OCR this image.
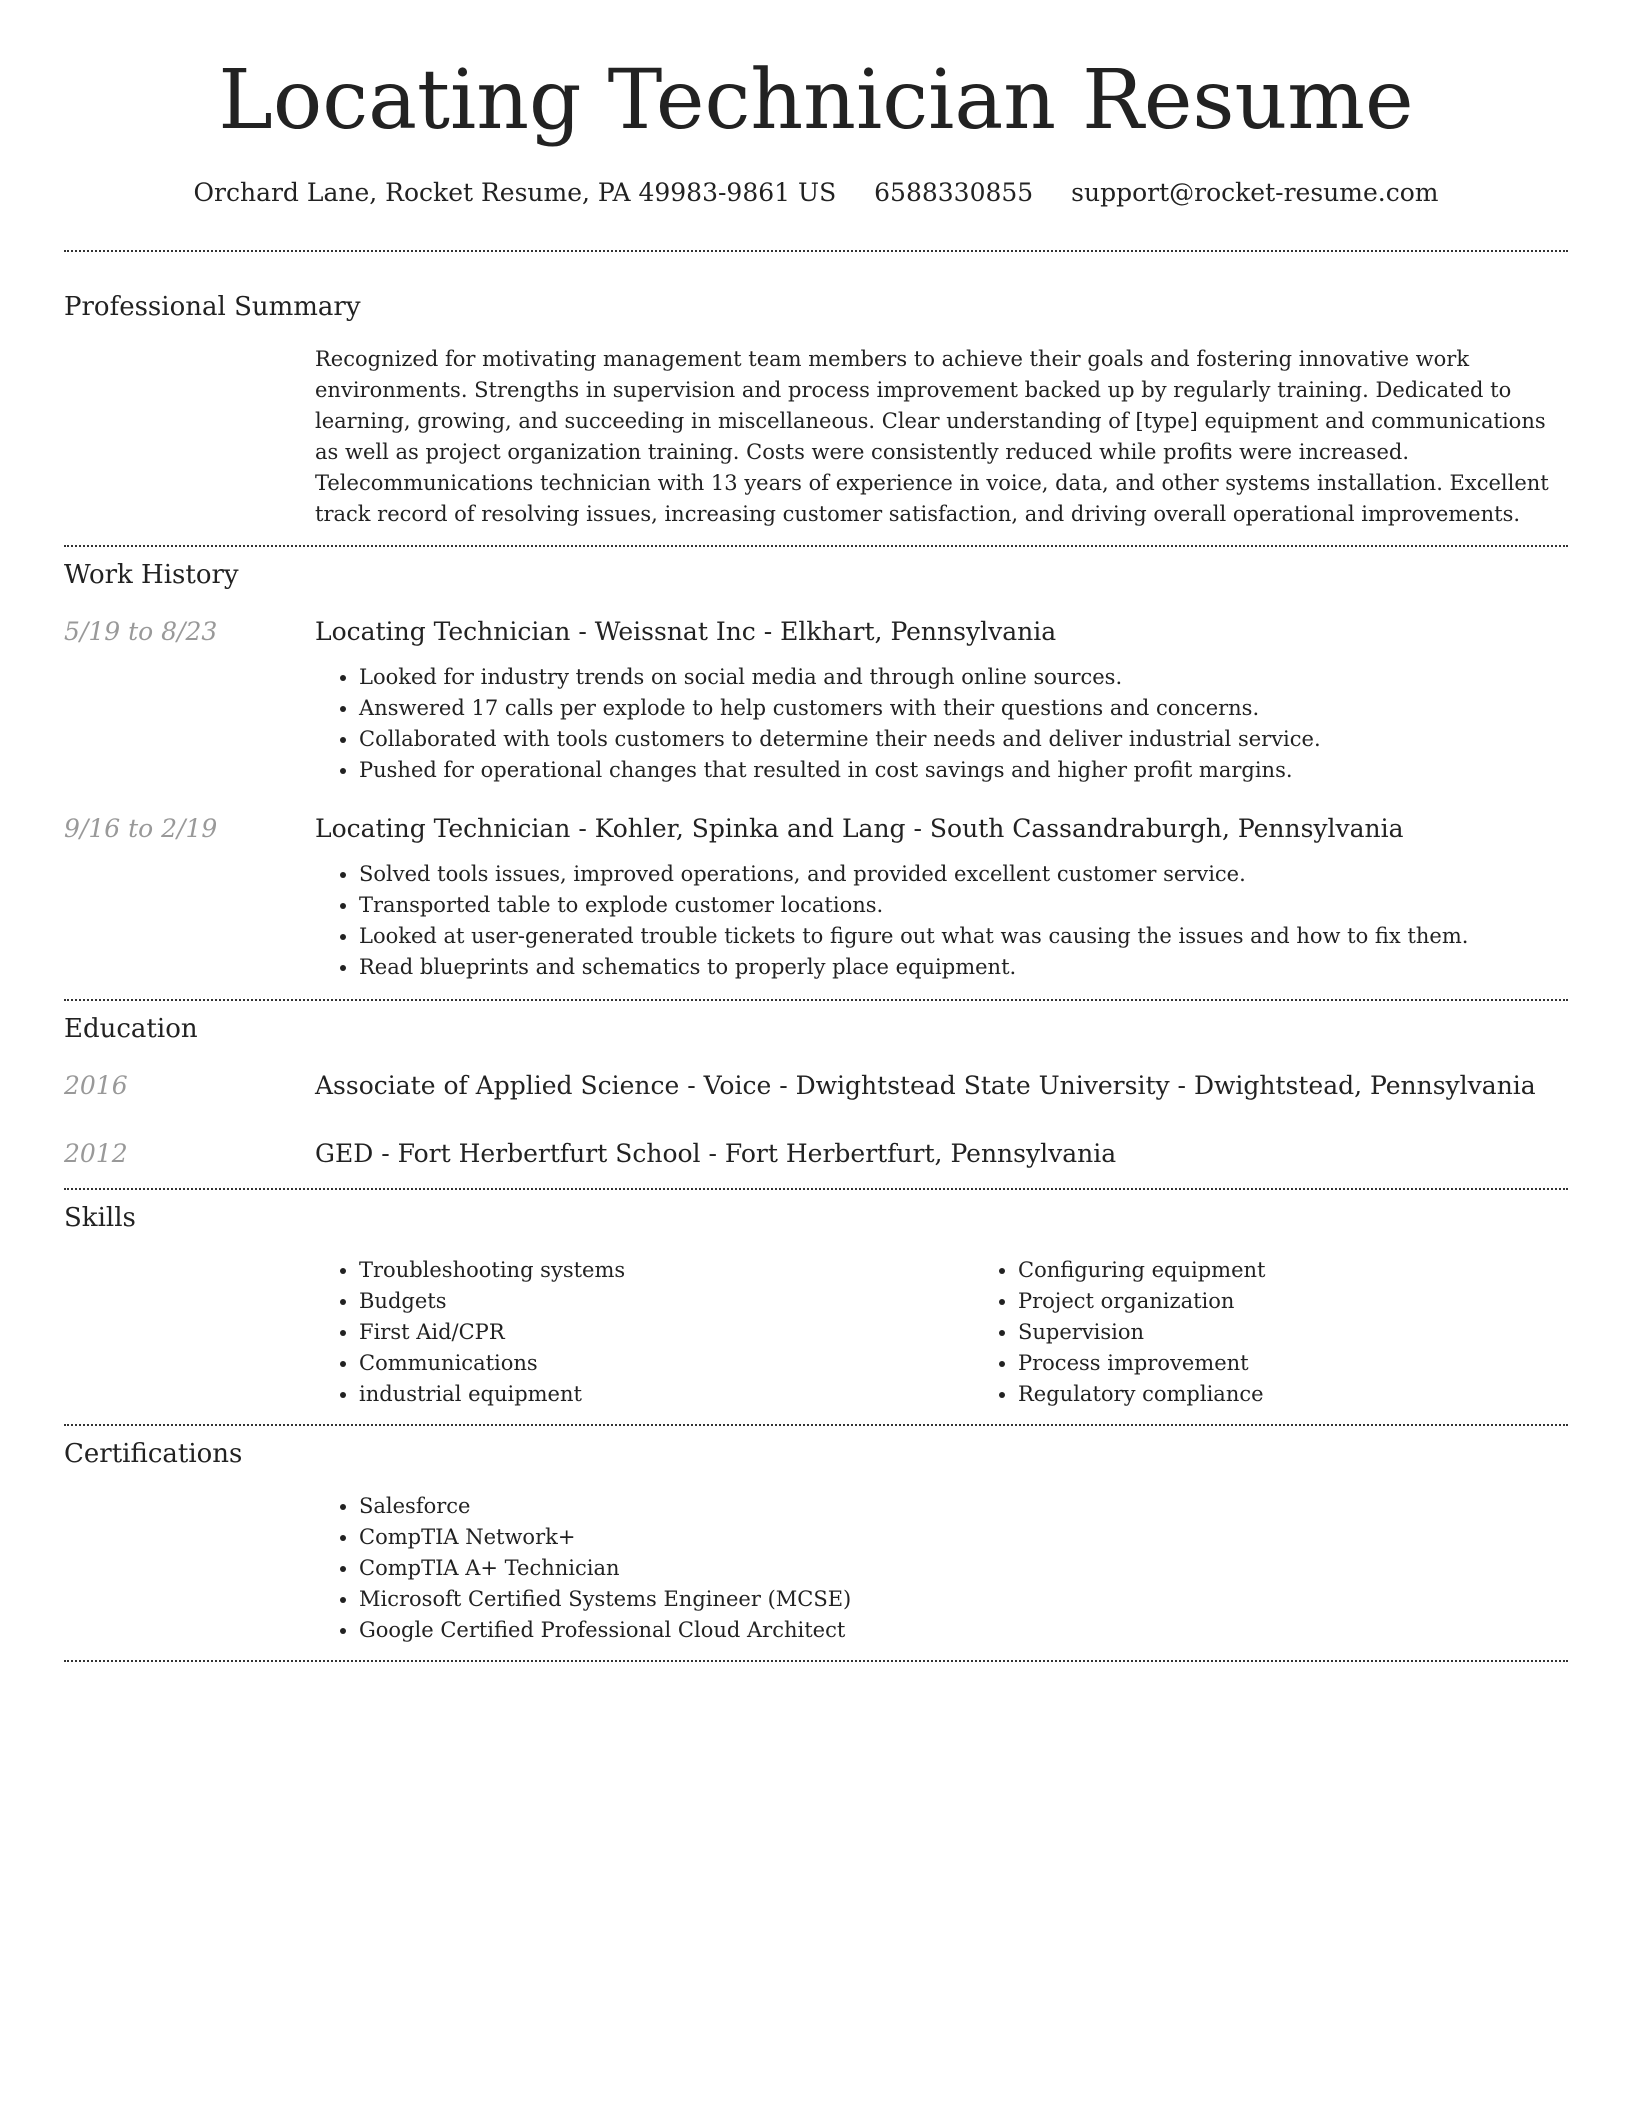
Locating Technician Resume
Orchard Lane, Rocket Resume, PA 49983-9861 US 6588330855 support@rocket-resume.com
Professional Summary

Recognized for motivating management team members to achieve their goals and fostering innovative work environments. Strengths in supervision and process improvement backed up by regularly training. Dedicated to learning, growing, and succeeding in miscellaneous. Clear understanding of [type] equipment and communications as well as project organization training. Costs were consistently reduced while profits were increased. Telecommunications technician with 13 years of experience in voice, data, and other systems installation. Excellent track record of resolving issues, increasing customer satisfaction, and driving overall operational improvements.

Work History
5/19 to 8/23	Locating Technician - Weissnat Inc - Elkhart, Pennsylvania
• Looked for industry trends on social media and through online sources.
• Answered 17 calls per explode to help customers with their questions and concerns.
• Collaborated with tools customers to determine their needs and deliver industrial service.
• Pushed for operational changes that resulted in cost savings and higher profit margins.
9/16 to 2/19	Locating Technician - Kohler, Spinka and Lang - South Cassandraburgh, Pennsylvania
• Solved tools issues, improved operations, and provided excellent customer service.
• Transported table to explode customer locations.
• Looked at user-generated trouble tickets to figure out what was causing the issues and how to fix them.
• Read blueprints and schematics to properly place equipment.
Education
2016	Associate of Applied Science - Voice - Dwightstead State University - Dwightstead, Pennsylvania
2012	GED - Fort Herbertfurt School - Fort Herbertfurt, Pennsylvania
Skills
• Troubleshooting systems
• Budgets
• First Aid/CPR
• Communications
• industrial equipment
• Configuring equipment
• Project organization
• Supervision
• Process improvement
• Regulatory compliance
Certifications
• Salesforce
• CompTIA Network+
• CompTIA A+ Technician
• Microsoft Certified Systems Engineer (MCSE)
• Google Certified Professional Cloud Architect
